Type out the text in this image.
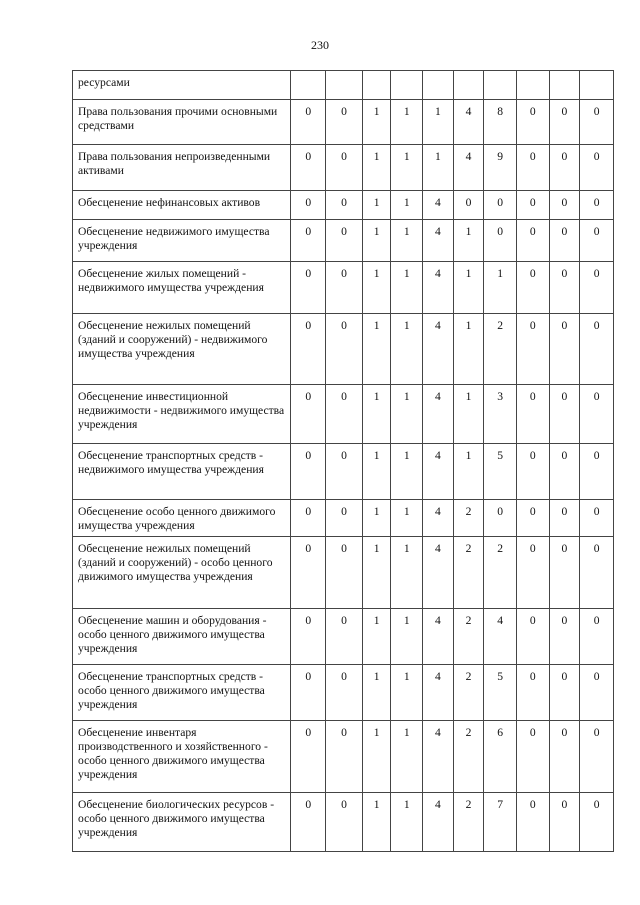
230
ресурсами										
Права пользования прочими основными средствами	0	0	1	1	1	4	8	0	0	0
Права пользования непроизведенными активами	0	0	1	1	1	4	9	0	0	0
Обесценение нефинансовых активов	0	0	1	1	4	0	0	0	0	0
Обесценение недвижимого имущества учреждения	0	0	1	1	4	1	0	0	0	0
Обесценение жилых помещений - недвижимого имущества учреждения	0	0	1	1	4	1	1	0	0	0
Обесценение нежилых помещений (зданий и сооружений) - недвижимого имущества учреждения	0	0	1	1	4	1	2	0	0	0
Обесценение инвестиционной недвижимости - недвижимого имущества учреждения	0	0	1	1	4	1	3	0	0	0
Обесценение транспортных средств - недвижимого имущества учреждения	0	0	1	1	4	1	5	0	0	0
Обесценение особо ценного движимого имущества учреждения	0	0	1	1	4	2	0	0	0	0
Обесценение нежилых помещений (зданий и сооружений) - особо ценного движимого имущества учреждения	0	0	1	1	4	2	2	0	0	0
Обесценение машин и оборудования - особо ценного движимого имущества учреждения	0	0	1	1	4	2	4	0	0	0
Обесценение транспортных средств - особо ценного движимого имущества учреждения	0	0	1	1	4	2	5	0	0	0
Обесценение инвентаря производственного и хозяйственного - особо ценного движимого имущества учреждения	0	0	1	1	4	2	6	0	0	0
Обесценение биологических ресурсов - особо ценного движимого имущества учреждения	0	0	1	1	4	2	7	0	0	0
